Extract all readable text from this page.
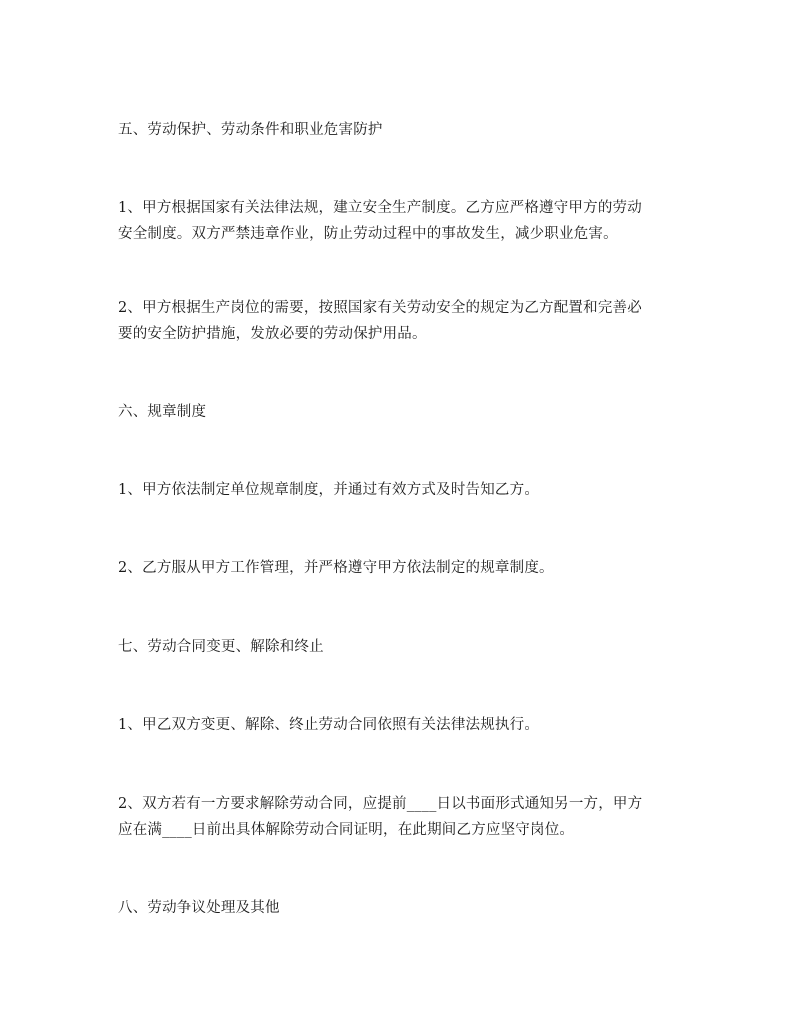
五、劳动保护、劳动条件和职业危害防护

1、甲方根据国家有关法律法规，建立安全生产制度。乙方应严格遵守甲方的劳动
安全制度。双方严禁违章作业，防止劳动过程中的事故发生，减少职业危害。

2、甲方根据生产岗位的需要，按照国家有关劳动安全的规定为乙方配置和完善必
要的安全防护措施，发放必要的劳动保护用品。

六、规章制度

1、甲方依法制定单位规章制度，并通过有效方式及时告知乙方。

2、乙方服从甲方工作管理，并严格遵守甲方依法制定的规章制度。

七、劳动合同变更、解除和终止

1、甲乙双方变更、解除、终止劳动合同依照有关法律法规执行。

2、双方若有一方要求解除劳动合同，应提前____日以书面形式通知另一方，甲方
应在满____日前出具体解除劳动合同证明，在此期间乙方应坚守岗位。

八、劳动争议处理及其他
